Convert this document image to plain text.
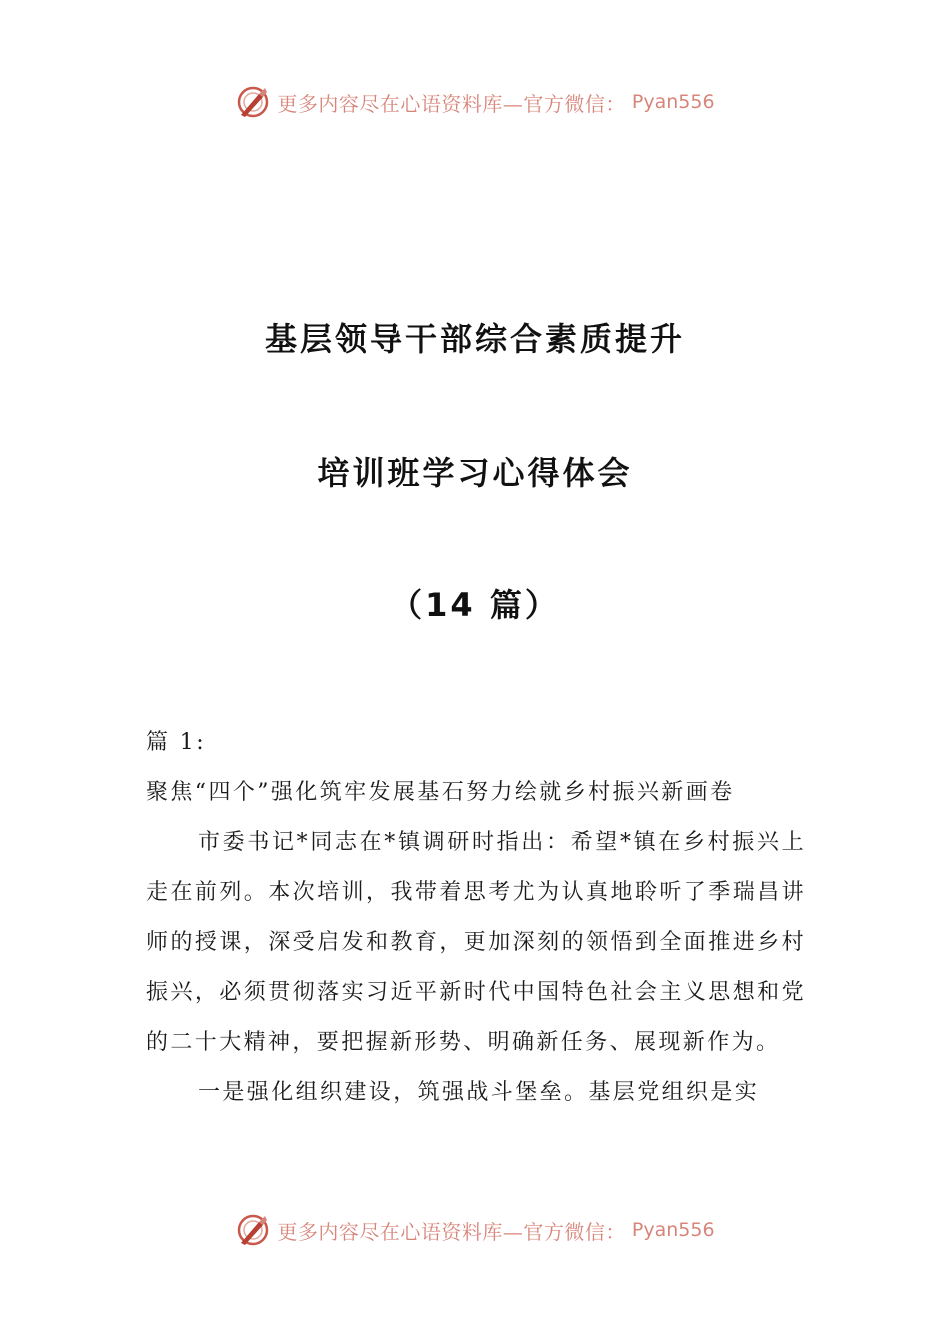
更多内容尽在心语资料库—官方微信： Pyan556
基层领导干部综合素质提升
培训班学习心得体会
（14 篇）

篇 1:

聚焦“四个”强化筑牢发展基石努力绘就乡村振兴新画卷

市委书记*同志在*镇调研时指出：希望*镇在乡村振兴上走在前列。本次培训，我带着思考尤为认真地聆听了季瑞昌讲师的授课，深受启发和教育，更加深刻的领悟到全面推进乡村振兴，必须贯彻落实习近平新时代中国特色社会主义思想和党的二十大精神，要把握新形势、明确新任务、展现新作为。

一是强化组织建设，筑强战斗堡垒。基层党组织是实

更多内容尽在心语资料库—官方微信： Pyan556
